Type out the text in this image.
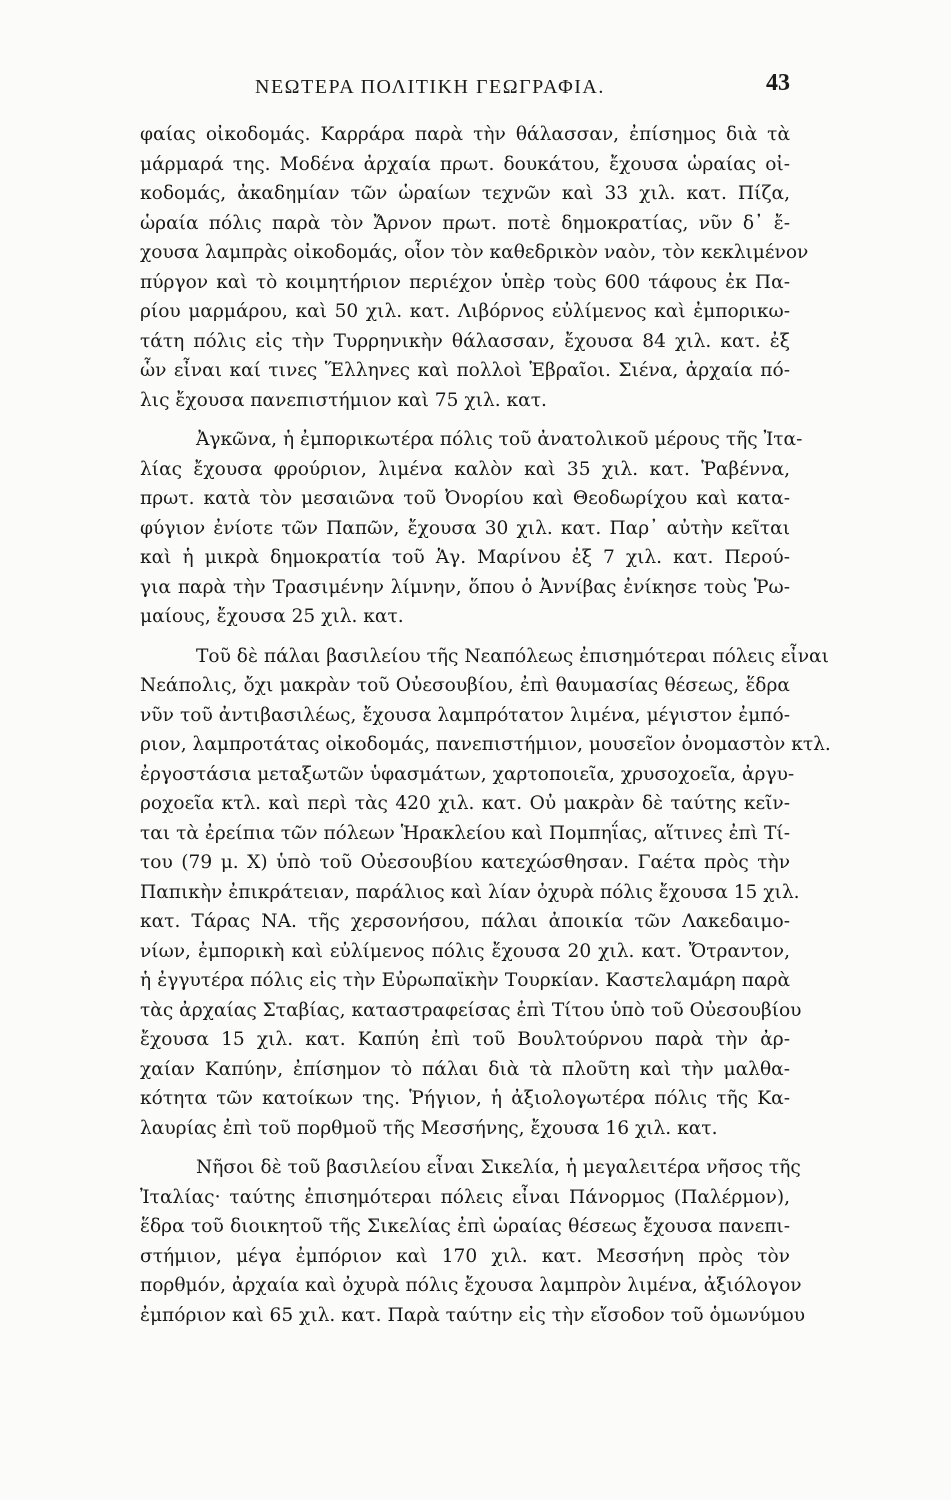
ΝΕΩΤΕΡΑ ΠΟΛΙΤΙΚΗ ΓΕΩΓΡΑΦΙΑ.	43
φαίας οἰκοδομάς. Καρράρα παρὰ τὴν θάλασσαν, ἐπίσημος διὰ τὰ
μάρμαρά της. Μοδένα ἀρχαία πρωτ. δουκάτου, ἔχουσα ὡραίας οἰ-
κοδομάς, ἀκαδημίαν τῶν ὡραίων τεχνῶν καὶ 33 χιλ. κατ. Πίζα,
ὡραία πόλις παρὰ τὸν Ἄρνον πρωτ. ποτὲ δημοκρατίας, νῦν δ᾽ ἔ-
χουσα λαμπρὰς οἰκοδομάς, οἷον τὸν καθεδρικὸν ναὸν, τὸν κεκλιμένον
πύργον καὶ τὸ κοιμητήριον περιέχον ὑπὲρ τοὺς 600 τάφους ἐκ Πα-
ρίου μαρμάρου, καὶ 50 χιλ. κατ. Λιβόρνος εὐλίμενος καὶ ἐμπορικω-
τάτη πόλις εἰς τὴν Τυρρηνικὴν θάλασσαν, ἔχουσα 84 χιλ. κατ. ἐξ
ὧν εἶναι καί τινες Ἕλληνες καὶ πολλοὶ Ἑβραῖοι. Σιένα, ἀρχαία πό-
λις ἔχουσα πανεπιστήμιον καὶ 75 χιλ. κατ.
Ἀγκῶνα, ἡ ἐμπορικωτέρα πόλις τοῦ ἀνατολικοῦ μέρους τῆς Ἰτα-
λίας ἔχουσα φρούριον, λιμένα καλὸν καὶ 35 χιλ. κατ. Ῥαβέννα,
πρωτ. κατὰ τὸν μεσαιῶνα τοῦ Ὀνορίου καὶ Θεοδωρίχου καὶ κατα-
φύγιον ἐνίοτε τῶν Παπῶν, ἔχουσα 30 χιλ. κατ. Παρ᾽ αὐτὴν κεῖται
καὶ ἡ μικρὰ δημοκρατία τοῦ Ἁγ. Μαρίνου ἐξ 7 χιλ. κατ. Περού-
για παρὰ τὴν Τρασιμένην λίμνην, ὅπου ὁ Ἀννίβας ἐνίκησε τοὺς Ῥω-
μαίους, ἔχουσα 25 χιλ. κατ.
Τοῦ δὲ πάλαι βασιλείου τῆς Νεαπόλεως ἐπισημότεραι πόλεις εἶναι
Νεάπολις, ὄχι μακρὰν τοῦ Οὐεσουβίου, ἐπὶ θαυμασίας θέσεως, ἕδρα
νῦν τοῦ ἀντιβασιλέως, ἔχουσα λαμπρότατον λιμένα, μέγιστον ἐμπό-
ριον, λαμπροτάτας οἰκοδομάς, πανεπιστήμιον, μουσεῖον ὀνομαστὸν κτλ.
ἐργοστάσια μεταξωτῶν ὑφασμάτων, χαρτοποιεῖα, χρυσοχοεῖα, ἀργυ-
ροχοεῖα κτλ. καὶ περὶ τὰς 420 χιλ. κατ. Οὐ μακρὰν δὲ ταύτης κεῖν-
ται τὰ ἐρείπια τῶν πόλεων Ἡρακλείου καὶ Πομπηΐας, αἵτινες ἐπὶ Τί-
του (79 μ. Χ) ὑπὸ τοῦ Οὐεσουβίου κατεχώσθησαν. Γαέτα πρὸς τὴν
Παπικὴν ἐπικράτειαν, παράλιος καὶ λίαν ὀχυρὰ πόλις ἔχουσα 15 χιλ.
κατ. Τάρας ΝΑ. τῆς χερσονήσου, πάλαι ἀποικία τῶν Λακεδαιμο-
νίων, ἐμπορικὴ καὶ εὐλίμενος πόλις ἔχουσα 20 χιλ. κατ. Ὄτραντον,
ἡ ἐγγυτέρα πόλις εἰς τὴν Εὐρωπαϊκὴν Τουρκίαν. Καστελαμάρη παρὰ
τὰς ἀρχαίας Σταβίας, καταστραφείσας ἐπὶ Τίτου ὑπὸ τοῦ Οὐεσουβίου
ἔχουσα 15 χιλ. κατ. Καπύη ἐπὶ τοῦ Βουλτούρνου παρὰ τὴν ἀρ-
χαίαν Καπύην, ἐπίσημον τὸ πάλαι διὰ τὰ πλοῦτη καὶ τὴν μαλθα-
κότητα τῶν κατοίκων της. Ῥήγιον, ἡ ἀξιολογωτέρα πόλις τῆς Κα-
λαυρίας ἐπὶ τοῦ πορθμοῦ τῆς Μεσσήνης, ἔχουσα 16 χιλ. κατ.
Νῆσοι δὲ τοῦ βασιλείου εἶναι Σικελία, ἡ μεγαλειτέρα νῆσος τῆς
Ἰταλίας· ταύτης ἐπισημότεραι πόλεις εἶναι Πάνορμος (Παλέρμον),
ἕδρα τοῦ διοικητοῦ τῆς Σικελίας ἐπὶ ὡραίας θέσεως ἔχουσα πανεπι-
στήμιον, μέγα ἐμπόριον καὶ 170 χιλ. κατ. Μεσσήνη πρὸς τὸν
πορθμόν, ἀρχαία καὶ ὀχυρὰ πόλις ἔχουσα λαμπρὸν λιμένα, ἀξιόλογον
ἐμπόριον καὶ 65 χιλ. κατ. Παρὰ ταύτην εἰς τὴν εἴσοδον τοῦ ὁμωνύμου
